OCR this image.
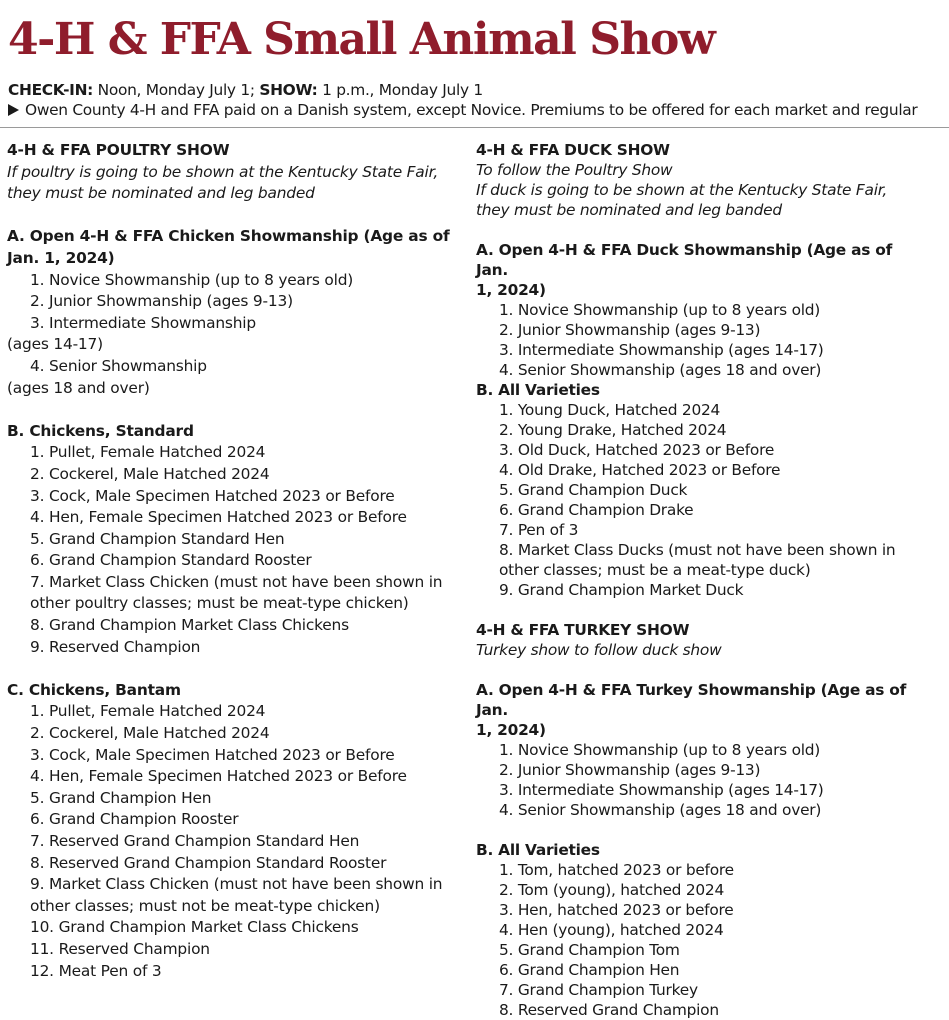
4-H & FFA Small Animal Show
CHECK-IN: Noon, Monday July 1; SHOW: 1 p.m., Monday July 1
Owen County 4-H and FFA paid on a Danish system, except Novice. Premiums to be offered for each market and regular
4-H & FFA POULTRY SHOW
If poultry is going to be shown at the Kentucky State Fair,
they must be nominated and leg banded
A. Open 4-H & FFA Chicken Showmanship (Age as of
Jan. 1, 2024)
1. Novice Showmanship (up to 8 years old)
2. Junior Showmanship (ages 9-13)
3. Intermediate Showmanship
(ages 14-17)
4. Senior Showmanship
(ages 18 and over)
B. Chickens, Standard
1. Pullet, Female Hatched 2024
2. Cockerel, Male Hatched 2024
3. Cock, Male Specimen Hatched 2023 or Before
4. Hen, Female Specimen Hatched 2023 or Before
5. Grand Champion Standard Hen
6. Grand Champion Standard Rooster
7. Market Class Chicken (must not have been shown in
other poultry classes; must be meat-type chicken)
8. Grand Champion Market Class Chickens
9. Reserved Champion
C. Chickens, Bantam
1. Pullet, Female Hatched 2024
2. Cockerel, Male Hatched 2024
3. Cock, Male Specimen Hatched 2023 or Before
4. Hen, Female Specimen Hatched 2023 or Before
5. Grand Champion Hen
6. Grand Champion Rooster
7. Reserved Grand Champion Standard Hen
8. Reserved Grand Champion Standard Rooster
9. Market Class Chicken (must not have been shown in
other classes; must not be meat-type chicken)
10. Grand Champion Market Class Chickens
11. Reserved Champion
12. Meat Pen of 3
4-H & FFA DUCK SHOW
To follow the Poultry Show
If duck is going to be shown at the Kentucky State Fair,
they must be nominated and leg banded
A. Open 4-H & FFA Duck Showmanship (Age as of Jan.
1, 2024)
1. Novice Showmanship (up to 8 years old)
2. Junior Showmanship (ages 9-13)
3. Intermediate Showmanship (ages 14-17)
4. Senior Showmanship (ages 18 and over)
B. All Varieties
1. Young Duck, Hatched 2024
2. Young Drake, Hatched 2024
3. Old Duck, Hatched 2023 or Before
4. Old Drake, Hatched 2023 or Before
5. Grand Champion Duck
6. Grand Champion Drake
7. Pen of 3
8. Market Class Ducks (must not have been shown in
other classes; must be a meat-type duck)
9. Grand Champion Market Duck
4-H & FFA TURKEY SHOW
Turkey show to follow duck show
A. Open 4-H & FFA Turkey Showmanship (Age as of Jan.
1, 2024)
1. Novice Showmanship (up to 8 years old)
2. Junior Showmanship (ages 9-13)
3. Intermediate Showmanship (ages 14-17)
4. Senior Showmanship (ages 18 and over)
B. All Varieties
1. Tom, hatched 2023 or before
2. Tom (young), hatched 2024
3. Hen, hatched 2023 or before
4. Hen (young), hatched 2024
5. Grand Champion Tom
6. Grand Champion Hen
7. Grand Champion Turkey
8. Reserved Grand Champion
